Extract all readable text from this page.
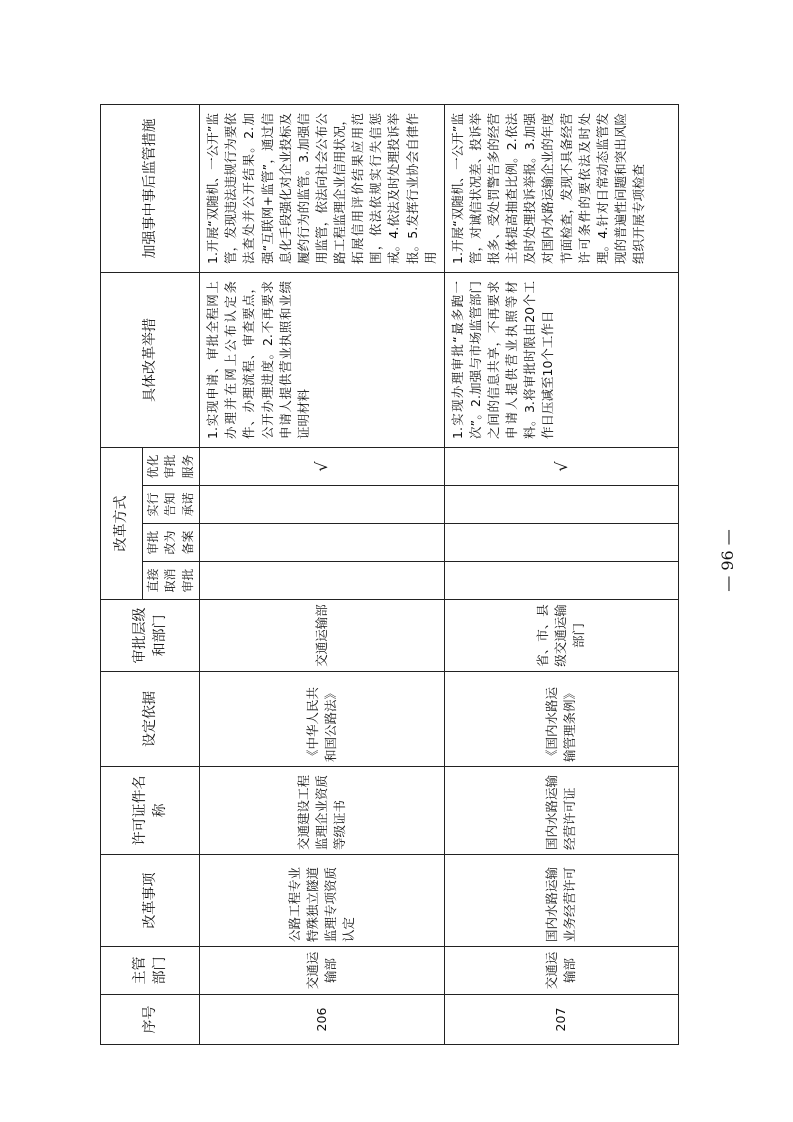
序号	主管部门	改革事项	许可证件名称	设定依据	审批层级和部门	改革方式				具体改革举措	加强事中事后监管措施
						直接取消审批	审批改为备案	实行告知承诺	优化审批服务		
206	交通运输部	公路工程专业特殊独立隧道监理专项资质认定	交通建设工程监理企业资质等级证书	《中华人民共和国公路法》	交通运输部				√	1.实现申请、审批全程网上办理并在网上公布认定条件、办理流程、审查要点，公开办理进度。2.不再要求申请人提供营业执照和业绩证明材料	1.开展“双随机、一公开”监管，发现违法违规行为要依法查处并公开结果。2.加强“互联网+监管”，通过信息化手段强化对企业投标及履约行为的监管。3.加强信用监管，依法向社会公布公路工程监理企业信用状况，拓展信用评价结果应用范围，依法依规实行失信惩戒。4.依法及时处理投诉举报。5.发挥行业协会自律作用
207	交通运输部	国内水路运输业务经营许可	国内水路运输经营许可证	《国内水路运输管理条例》	省、市、县级交通运输部门				√	1.实现办理审批“最多跑一次”。2.加强与市场监管部门之间的信息共享，不再要求申请人提供营业执照等材料。3.将审批时限由20个工作日压减至10个工作日	1.开展“双随机、一公开”监管，对诚信状况差、投诉举报多、受处罚警告多的经营主体提高抽查比例。2.依法及时处理投诉举报。3.加强对国内水路运输企业的年度节面检查，发现不具备经营许可条件的要依法及时处理。4.针对日常动态监管发现的普遍性问题和突出风险组织开展专项检查
— 96 —
